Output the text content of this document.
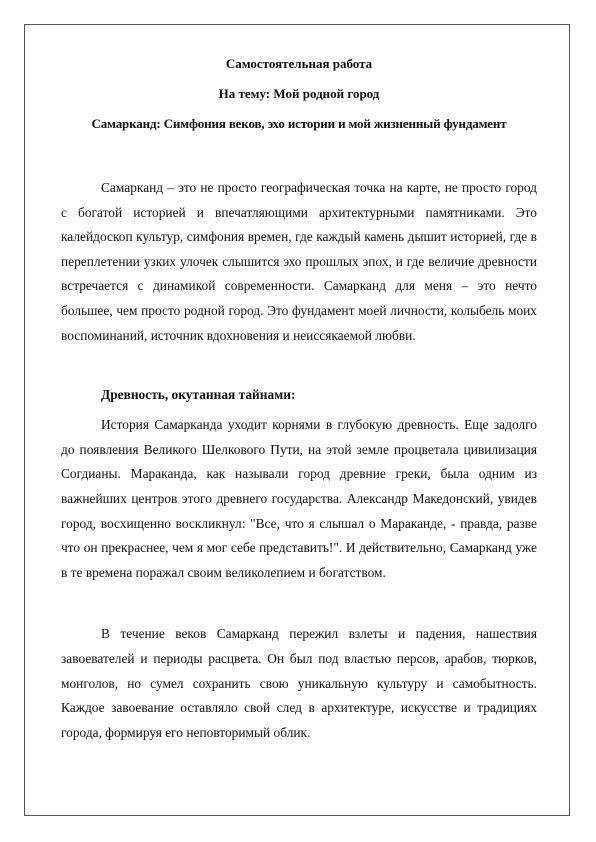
Самостоятельная работа

На тему: Мой родной город

Самарканд: Симфония веков, эхо истории и мой жизненный фундамент

Самарканд – это не просто географическая точка на карте, не просто город с богатой историей и впечатляющими архитектурными памятниками. Это калейдоскоп культур, симфония времен, где каждый камень дышит историей, где в переплетении узких улочек слышится эхо прошлых эпох, и где величие древности встречается с динамикой современности. Самарканд для меня – это нечто большее, чем просто родной город. Это фундамент моей личности, колыбель моих воспоминаний, источник вдохновения и неиссякаемой любви.

Древность, окутанная тайнами:

История Самарканда уходит корнями в глубокую древность. Еще задолго до появления Великого Шелкового Пути, на этой земле процветала цивилизация Согдианы. Мараканда, как называли город древние греки, была одним из важнейших центров этого древнего государства. Александр Македонский, увидев город, восхищенно воскликнул: "Все, что я слышал о Мараканде, - правда, разве что он прекраснее, чем я мог себе представить!". И действительно, Самарканд уже в те времена поражал своим великолепием и богатством.

В течение веков Самарканд пережил взлеты и падения, нашествия завоевателей и периоды расцвета. Он был под властью персов, арабов, тюрков, монголов, но сумел сохранить свою уникальную культуру и самобытность. Каждое завоевание оставляло свой след в архитектуре, искусстве и традициях города, формируя его неповторимый облик.
